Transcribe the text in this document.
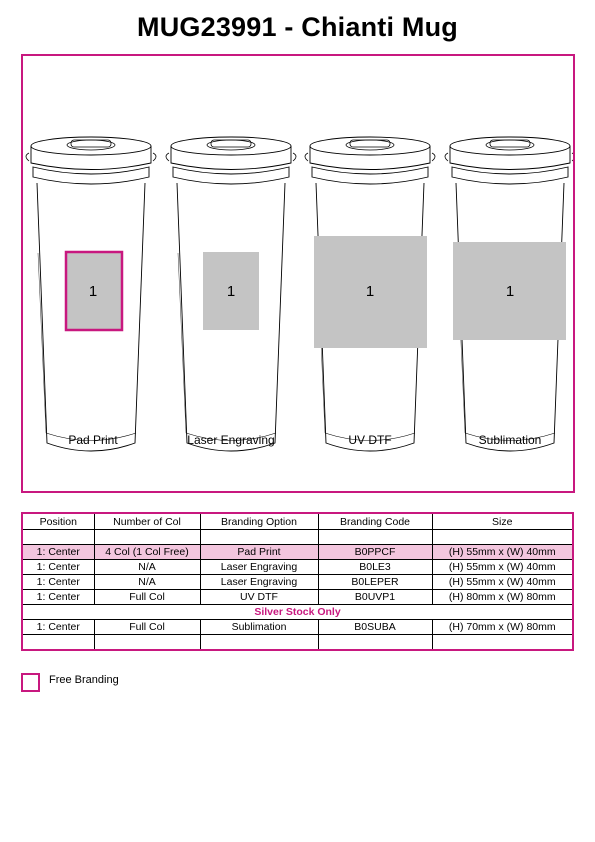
MUG23991 - Chianti Mug
1	1	1	1
Pad Print	Laser Engraving	UV DTF	Sublimation
Position	Number of Col	Branding Option	Branding Code	Size

1: Center	4 Col (1 Col Free)	Pad Print	B0PPCF	(H) 55mm x (W) 40mm
1: Center	N/A	Laser Engraving	B0LE3	(H) 55mm x (W) 40mm
1: Center	N/A	Laser Engraving	B0LEPER	(H) 55mm x (W) 40mm
1: Center	Full Col	UV DTF	B0UVP1	(H) 80mm x (W) 80mm
Silver Stock Only				
1: Center	Full Col	Sublimation	B0SUBA	(H) 70mm x (W) 80mm

Free Branding
